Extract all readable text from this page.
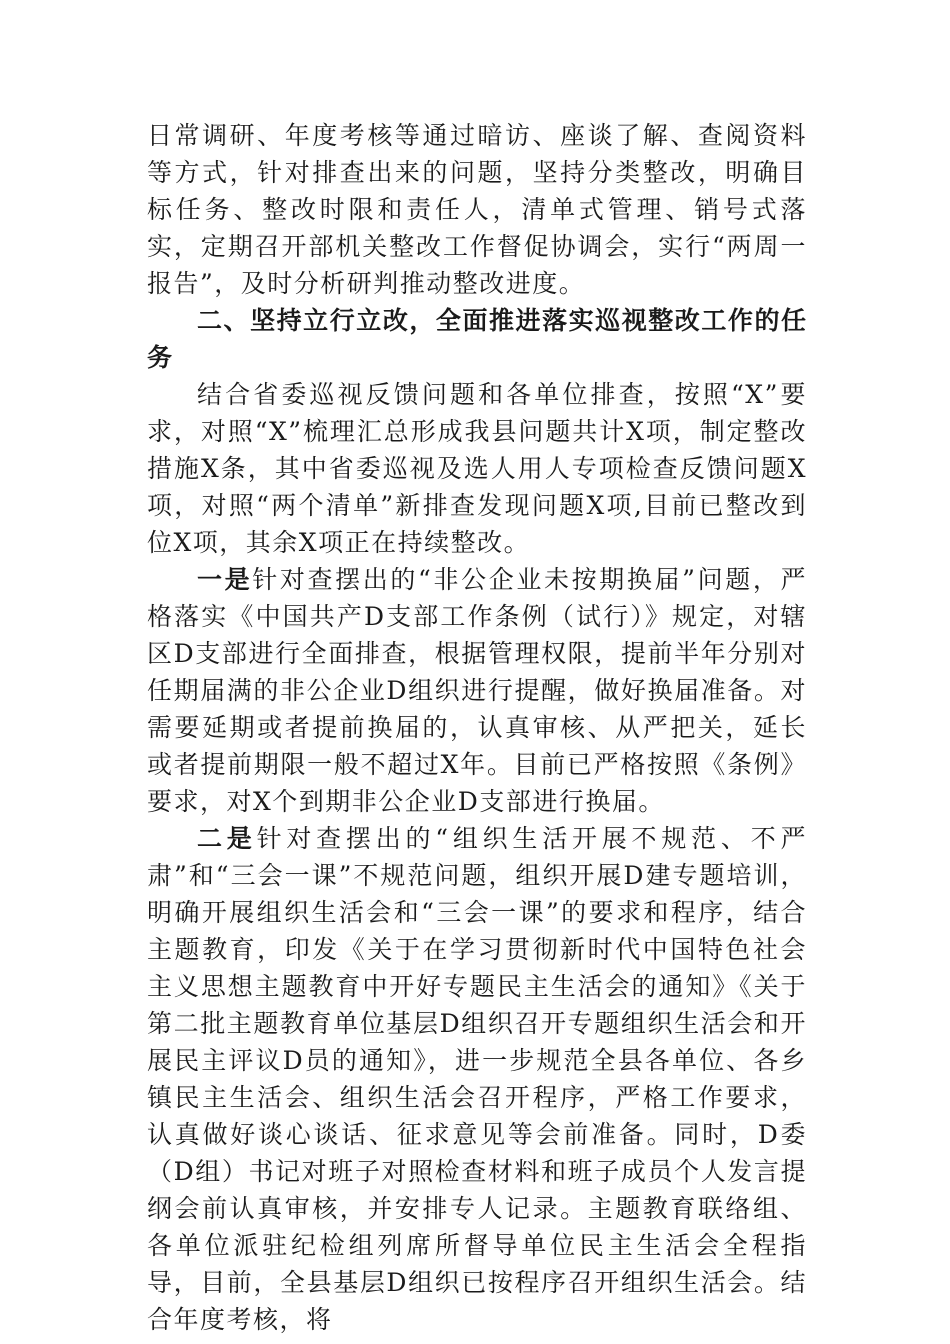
日常调研、年度考核等通过暗访、座谈了解、查阅资料等方式，针对排查出来的问题，坚持分类整改，明确目标任务、整改时限和责任人，清单式管理、销号式落实，定期召开部机关整改工作督促协调会，实行“两周一报告”，及时分析研判推动整改进度。

二、坚持立行立改，全面推进落实巡视整改工作的任务

结合省委巡视反馈问题和各单位排查，按照“X”要求，对照“X”梳理汇总形成我县问题共计X项，制定整改措施X条，其中省委巡视及选人用人专项检查反馈问题X项，对照“两个清单”新排查发现问题X项,目前已整改到位X项，其余X项正在持续整改。

一是针对查摆出的“非公企业未按期换届”问题，严格落实《中国共产D支部工作条例（试行）》规定，对辖区D支部进行全面排查，根据管理权限，提前半年分别对任期届满的非公企业D组织进行提醒，做好换届准备。对需要延期或者提前换届的，认真审核、从严把关，延长或者提前期限一般不超过X年。目前已严格按照《条例》要求，对X个到期非公企业D支部进行换届。

二是针对查摆出的“组织生活开展不规范、不严肃”和“三会一课”不规范问题，组织开展D建专题培训，明确开展组织生活会和“三会一课”的要求和程序，结合主题教育，印发《关于在学习贯彻新时代中国特色社会主义思想主题教育中开好专题民主生活会的通知》《关于第二批主题教育单位基层D组织召开专题组织生活会和开展民主评议D员的通知》，进一步规范全县各单位、各乡镇民主生活会、组织生活会召开程序，严格工作要求，认真做好谈心谈话、征求意见等会前准备。同时，D委（D组）书记对班子对照检查材料和班子成员个人发言提纲会前认真审核，并安排专人记录。主题教育联络组、各单位派驻纪检组列席所督导单位民主生活会全程指导，目前，全县基层D组织已按程序召开组织生活会。结合年度考核，将
